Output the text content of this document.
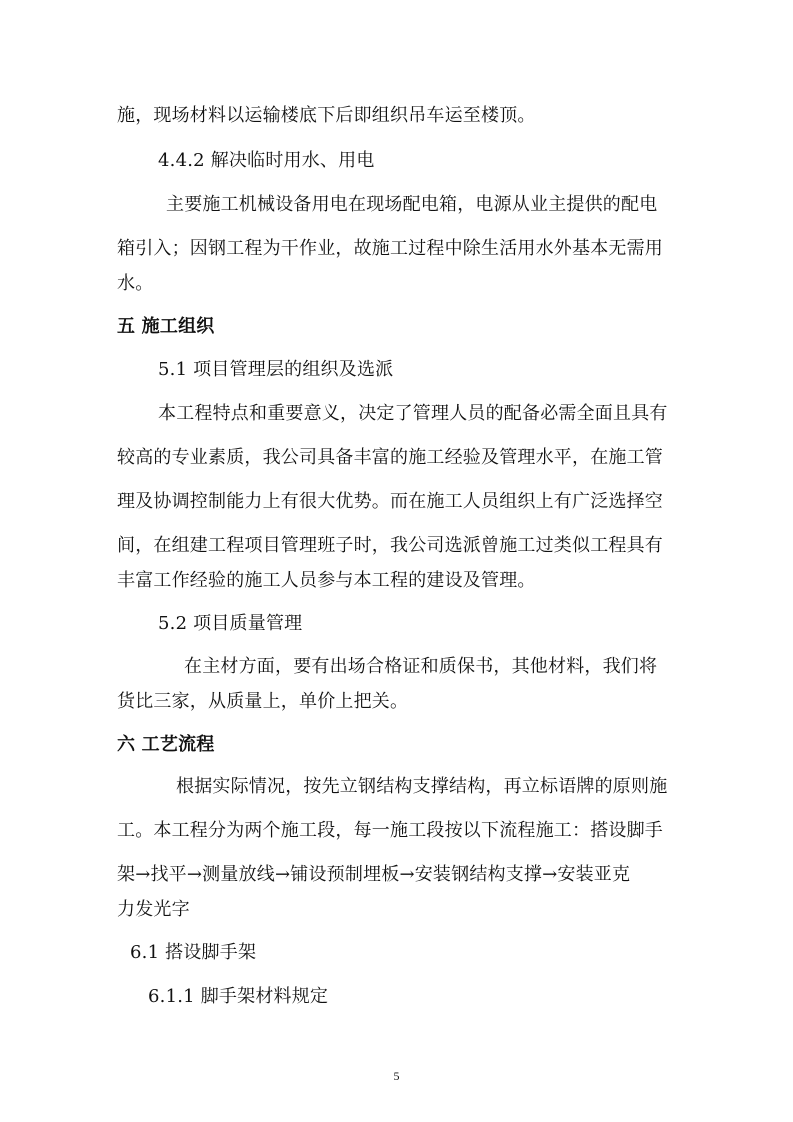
施，现场材料以运输楼底下后即组织吊车运至楼顶。
4.4.2 解决临时用水、用电
主要施工机械设备用电在现场配电箱，电源从业主提供的配电
箱引入；因钢工程为干作业，故施工过程中除生活用水外基本无需用
水。
五 施工组织
5.1 项目管理层的组织及选派
本工程特点和重要意义，决定了管理人员的配备必需全面且具有
较高的专业素质，我公司具备丰富的施工经验及管理水平，在施工管
理及协调控制能力上有很大优势。而在施工人员组织上有广泛选择空
间，在组建工程项目管理班子时，我公司选派曾施工过类似工程具有
丰富工作经验的施工人员参与本工程的建设及管理。
5.2 项目质量管理
在主材方面，要有出场合格证和质保书，其他材料，我们将
货比三家，从质量上，单价上把关。
六 工艺流程
根据实际情况，按先立钢结构支撑结构，再立标语牌的原则施
工。本工程分为两个施工段，每一施工段按以下流程施工：搭设脚手
架→找平→测量放线→铺设预制埋板→安装钢结构支撑→安装亚克
力发光字
6.1 搭设脚手架
6.1.1 脚手架材料规定
5
